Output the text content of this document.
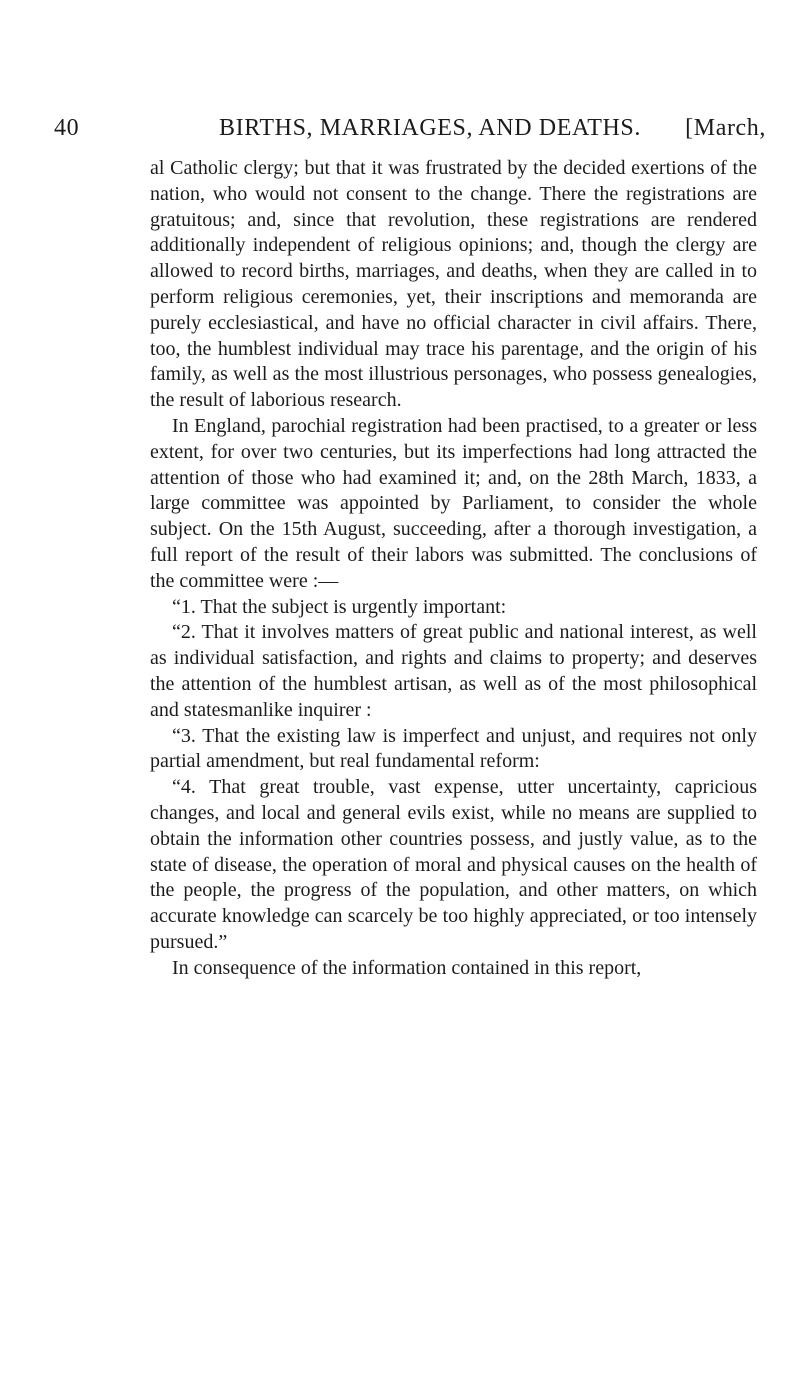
40	BIRTHS, MARRIAGES, AND DEATHS.	[March,

al Catholic clergy; but that it was frustrated by the decided exertions of the nation, who would not consent to the change. There the registrations are gratuitous; and, since that revolution, these registrations are rendered additionally independent of religious opinions; and, though the clergy are allowed to record births, marriages, and deaths, when they are called in to perform religious ceremonies, yet, their inscriptions and memoranda are purely ecclesiastical, and have no official character in civil affairs. There, too, the humblest individual may trace his parentage, and the origin of his family, as well as the most illustrious personages, who possess genealogies, the result of laborious research.

In England, parochial registration had been practised, to a greater or less extent, for over two centuries, but its imperfections had long attracted the attention of those who had examined it; and, on the 28th March, 1833, a large committee was appointed by Parliament, to consider the whole subject. On the 15th August, succeeding, after a thorough investigation, a full report of the result of their labors was submitted. The conclusions of the committee were :—

“1. That the subject is urgently important:

“2. That it involves matters of great public and national interest, as well as individual satisfaction, and rights and claims to property; and deserves the attention of the humblest artisan, as well as of the most philosophical and statesmanlike inquirer :

“3. That the existing law is imperfect and unjust, and requires not only partial amendment, but real fundamental reform:

“4. That great trouble, vast expense, utter uncertainty, capricious changes, and local and general evils exist, while no means are supplied to obtain the information other countries possess, and justly value, as to the state of disease, the operation of moral and physical causes on the health of the people, the progress of the population, and other matters, on which accurate knowledge can scarcely be too highly appreciated, or too intensely pursued.”

In consequence of the information contained in this report,
